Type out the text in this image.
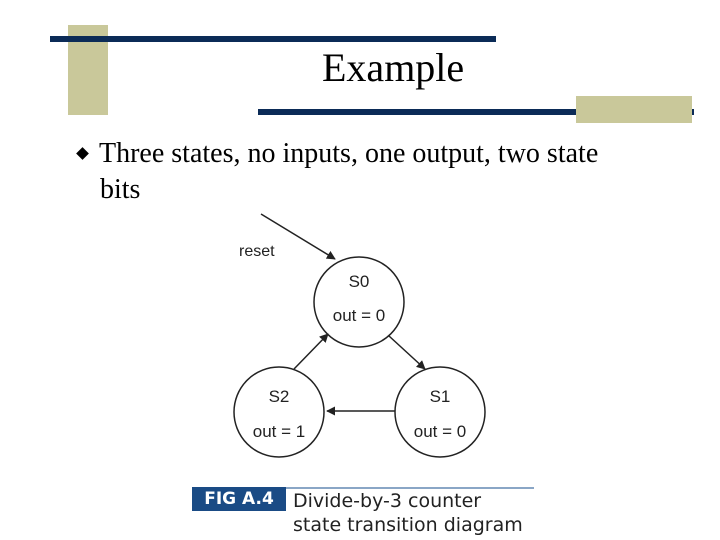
Example
Three states, no inputs, one output, two state
bits
reset
S0
out = 0
S1
out = 0
S2
out = 1
FIG A.4	Divide-by-3 counter
state transition diagram
